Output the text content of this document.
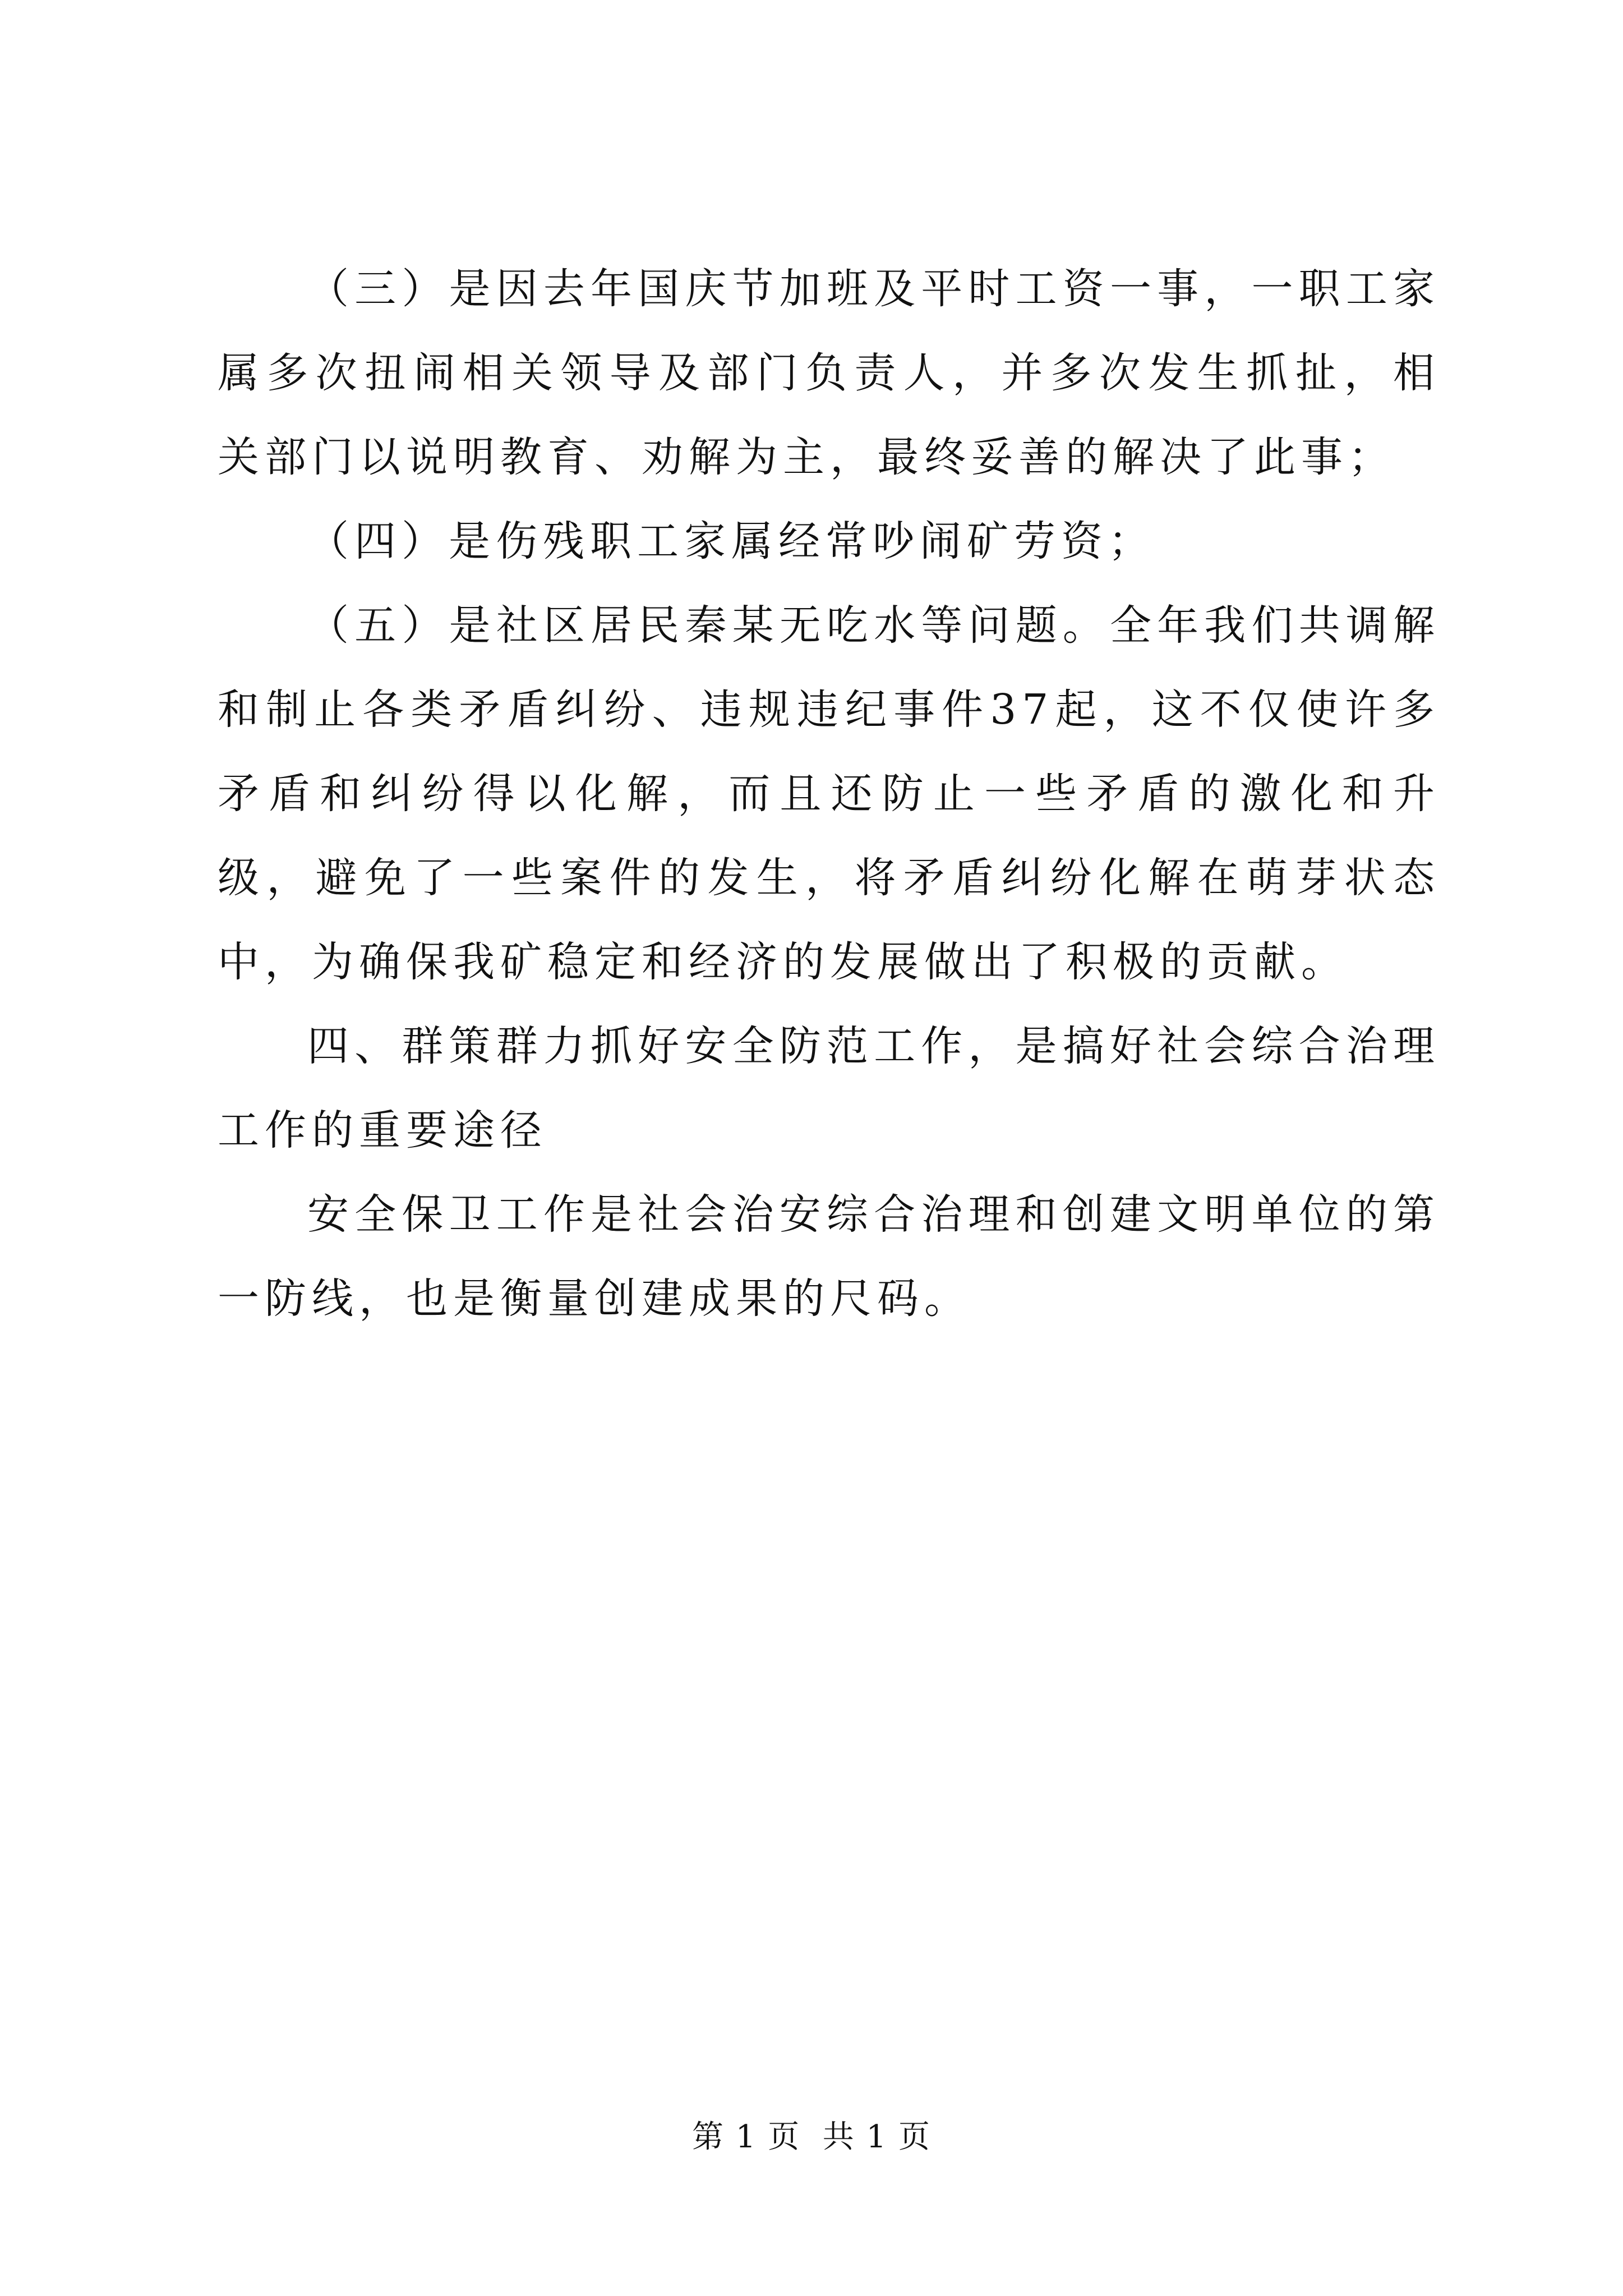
（三）是因去年国庆节加班及平时工资一事，一职工家属多次扭闹相关领导及部门负责人，并多次发生抓扯，相关部门以说明教育、劝解为主，最终妥善的解决了此事；

（四）是伤残职工家属经常吵闹矿劳资；

（五）是社区居民秦某无吃水等问题。全年我们共调解和制止各类矛盾纠纷、违规违纪事件37起，这不仅使许多矛盾和纠纷得以化解，而且还防止一些矛盾的激化和升级，避免了一些案件的发生，将矛盾纠纷化解在萌芽状态中，为确保我矿稳定和经济的发展做出了积极的贡献。

四、群策群力抓好安全防范工作，是搞好社会综合治理工作的重要途径

安全保卫工作是社会治安综合治理和创建文明单位的第一防线，也是衡量创建成果的尺码。

第 1 页  共 1 页
